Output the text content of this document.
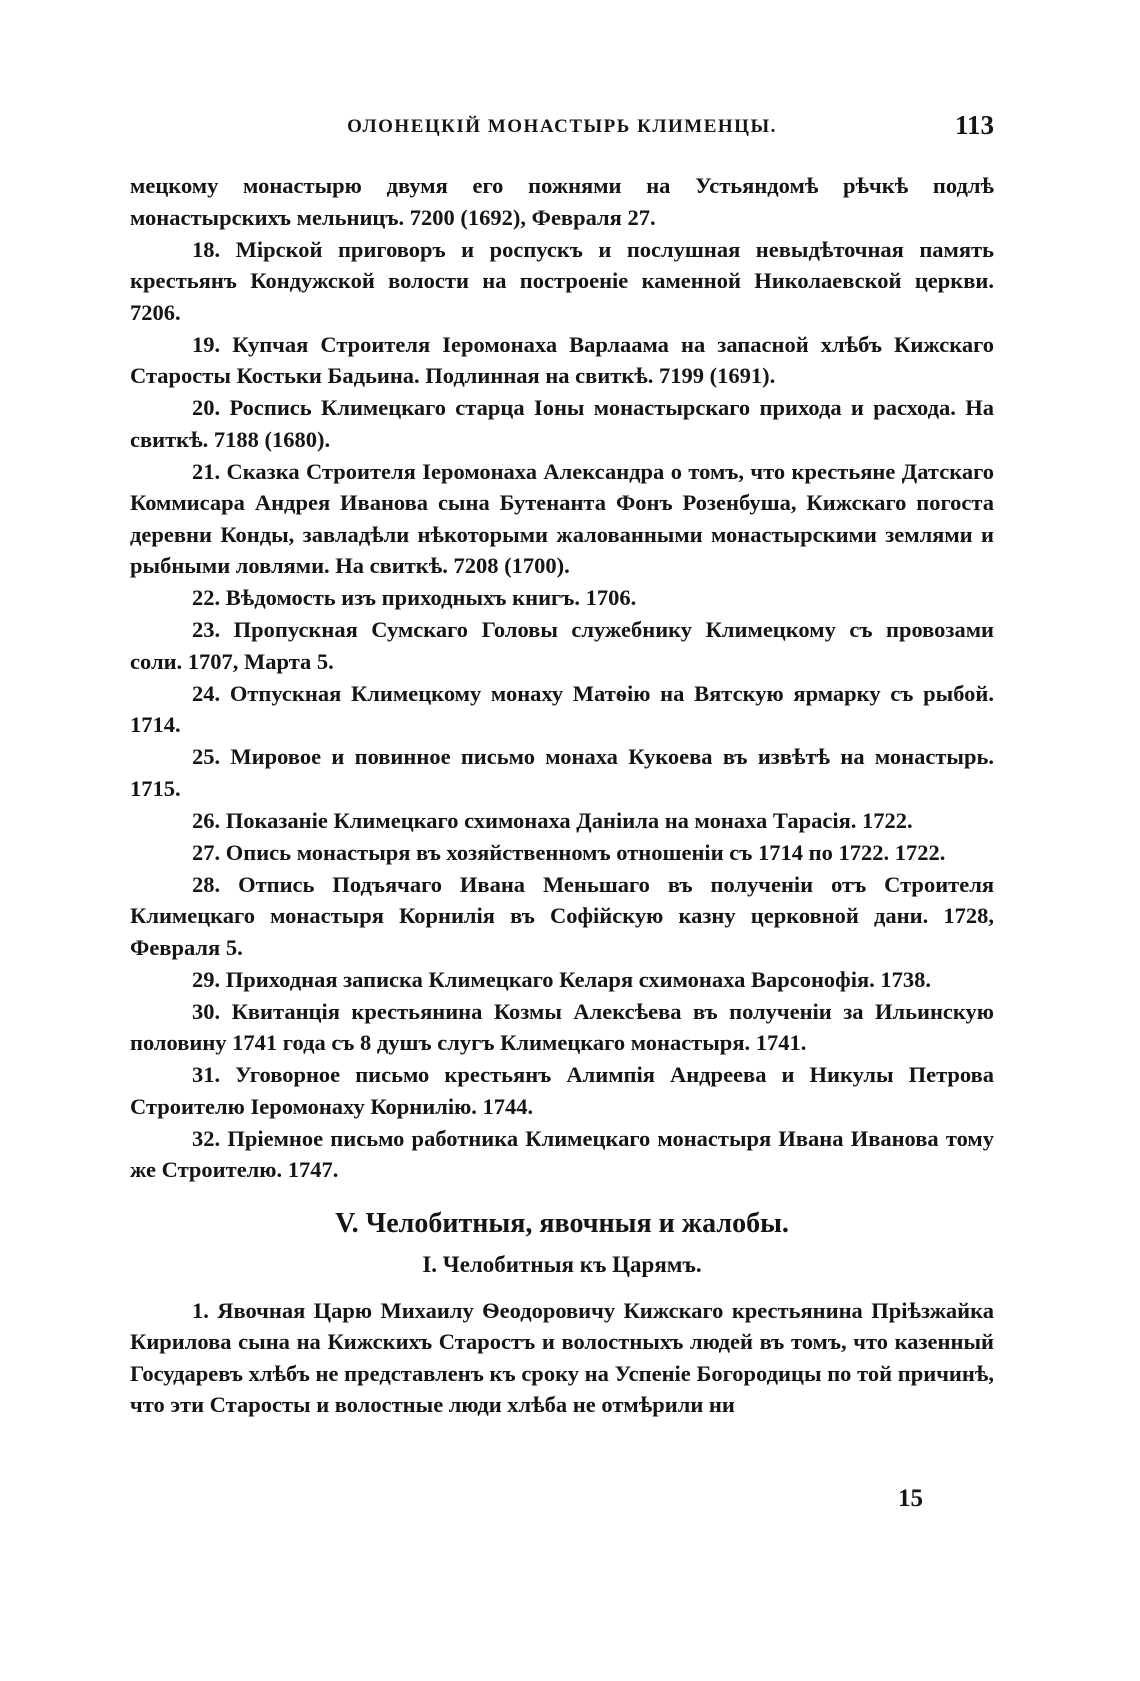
ОЛОНЕЦКІЙ МОНАСТЫРЬ КЛИМЕНЦЫ.	113

мецкому монастырю двумя его пожнями на Устьяндомѣ рѣчкѣ подлѣ монастырскихъ мельницъ. 7200 (1692), Февраля 27.

18. Мірской приговоръ и роспускъ и послушная невыдѣточная память крестьянъ Кондужской волости на построеніе каменной Николаевской церкви. 7206.

19. Купчая Строителя Іеромонаха Варлаама на запасной хлѣбъ Кижскаго Старосты Костьки Бадьина. Подлинная на свиткѣ. 7199 (1691).

20. Роспись Климецкаго старца Іоны монастырскаго прихода и расхода. На свиткѣ. 7188 (1680).

21. Сказка Строителя Іеромонаха Александра о томъ, что крестьяне Датскаго Коммисара Андрея Иванова сына Бутенанта Фонъ Розенбуша, Кижскаго погоста деревни Конды, завладѣли нѣкоторыми жалованными монастырскими землями и рыбными ловлями. На свиткѣ. 7208 (1700).

22. Вѣдомость изъ приходныхъ книгъ. 1706.

23. Пропускная Сумскаго Головы служебнику Климецкому съ провозами соли. 1707, Марта 5.

24. Отпускная Климецкому монаху Матѳію на Вятскую ярмарку съ рыбой. 1714.

25. Мировое и повинное письмо монаха Кукоева въ извѣтѣ на монастырь. 1715.

26. Показаніе Климецкаго схимонаха Даніила на монаха Тарасія. 1722.

27. Опись монастыря въ хозяйственномъ отношеніи съ 1714 по 1722. 1722.

28. Отпись Подъячаго Ивана Меньшаго въ полученіи отъ Строителя Климецкаго монастыря Корнилія въ Софійскую казну церковной дани. 1728, Февраля 5.

29. Приходная записка Климецкаго Келаря схимонаха Варсонофія. 1738.

30. Квитанція крестьянина Козмы Алексѣева въ полученіи за Ильинскую половину 1741 года съ 8 душъ слугъ Климецкаго монастыря. 1741.

31. Уговорное письмо крестьянъ Алимпія Андреева и Никулы Петрова Строителю Іеромонаху Корнилію. 1744.

32. Пріемное письмо работника Климецкаго монастыря Ивана Иванова тому же Строителю. 1747.

V. Челобитныя, явочныя и жалобы.
I. Челобитныя къ Царямъ.

1. Явочная Царю Михаилу Ѳеодоровичу Кижскаго крестьянина Пріѣзжайка Кирилова сына на Кижскихъ Старостъ и волостныхъ людей въ томъ, что казенный Государевъ хлѣбъ не представленъ къ сроку на Успеніе Богородицы по той причинѣ, что эти Старосты и волостные люди хлѣба не отмѣрили ни

15
